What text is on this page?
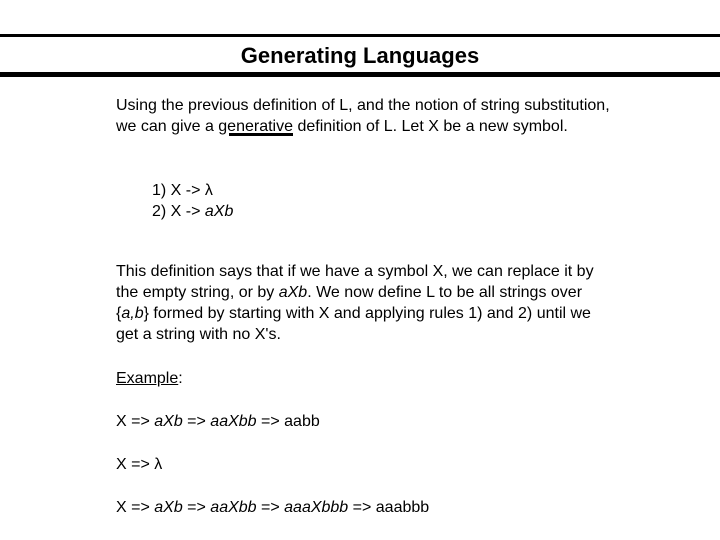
Generating Languages

Using the previous definition of L, and the notion of string substitution, we can give a generative definition of L. Let X be a new symbol.

1) X -> λ
2) X -> aXb

This definition says that if we have a symbol X, we can replace it by the empty string, or by aXb. We now define L to be all strings over {a,b} formed by starting with X and applying rules 1) and 2) until we get a string with no X's.

Example:

X => aXb => aaXbb => aabb

X => λ

X => aXb => aaXbb => aaaXbbb => aaabbb
